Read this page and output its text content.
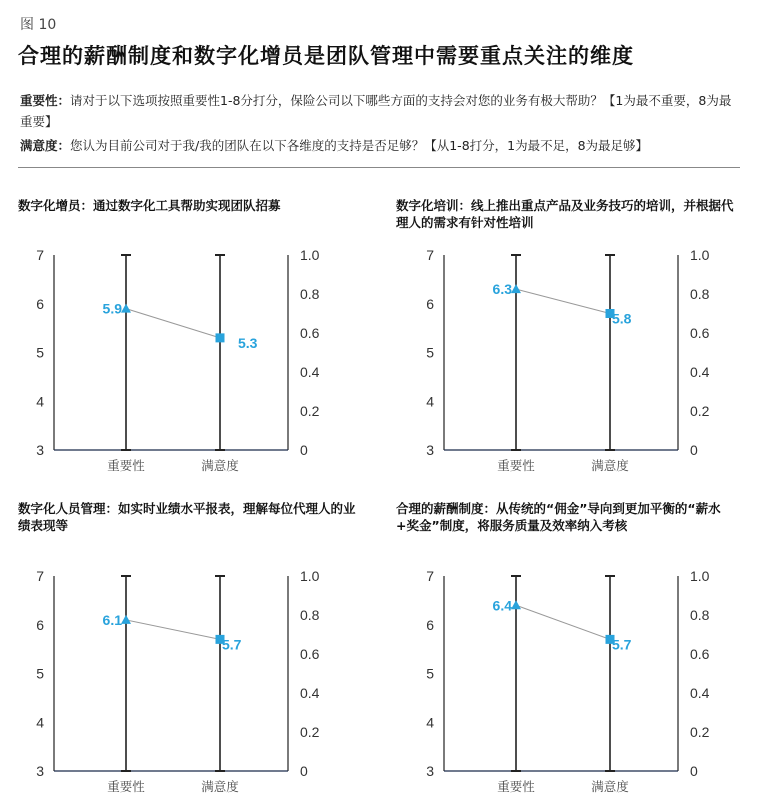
图 10
合理的薪酬制度和数字化增员是团队管理中需要重点关注的维度
重要性：请对于以下选项按照重要性1-8分打分，保险公司以下哪些方面的支持会对您的业务有极大帮助？【1为最不重要，8为最重要】
满意度：您认为目前公司对于我/我的团队在以下各维度的支持是否足够？【从1-8打分，1为最不足，8为最足够】
数字化增员：通过数字化工具帮助实现团队招募
7
6
5
4
3
1.0
0.8
0.6
0.4
0.2
0
重要性	满意度
5.9
5.3
数字化培训：线上推出重点产品及业务技巧的培训，并根据代理人的需求有针对性培训
7
6
5
4
3
1.0
0.8
0.6
0.4
0.2
0
重要性	满意度
6.3
5.8
数字化人员管理：如实时业绩水平报表，理解每位代理人的业绩表现等
7
6
5
4
3
1.0
0.8
0.6
0.4
0.2
0
重要性	满意度
6.1
5.7
合理的薪酬制度：从传统的“佣金”导向到更加平衡的“薪水+奖金”制度，将服务质量及效率纳入考核
7
6
5
4
3
1.0
0.8
0.6
0.4
0.2
0
重要性	满意度
6.4
5.7
